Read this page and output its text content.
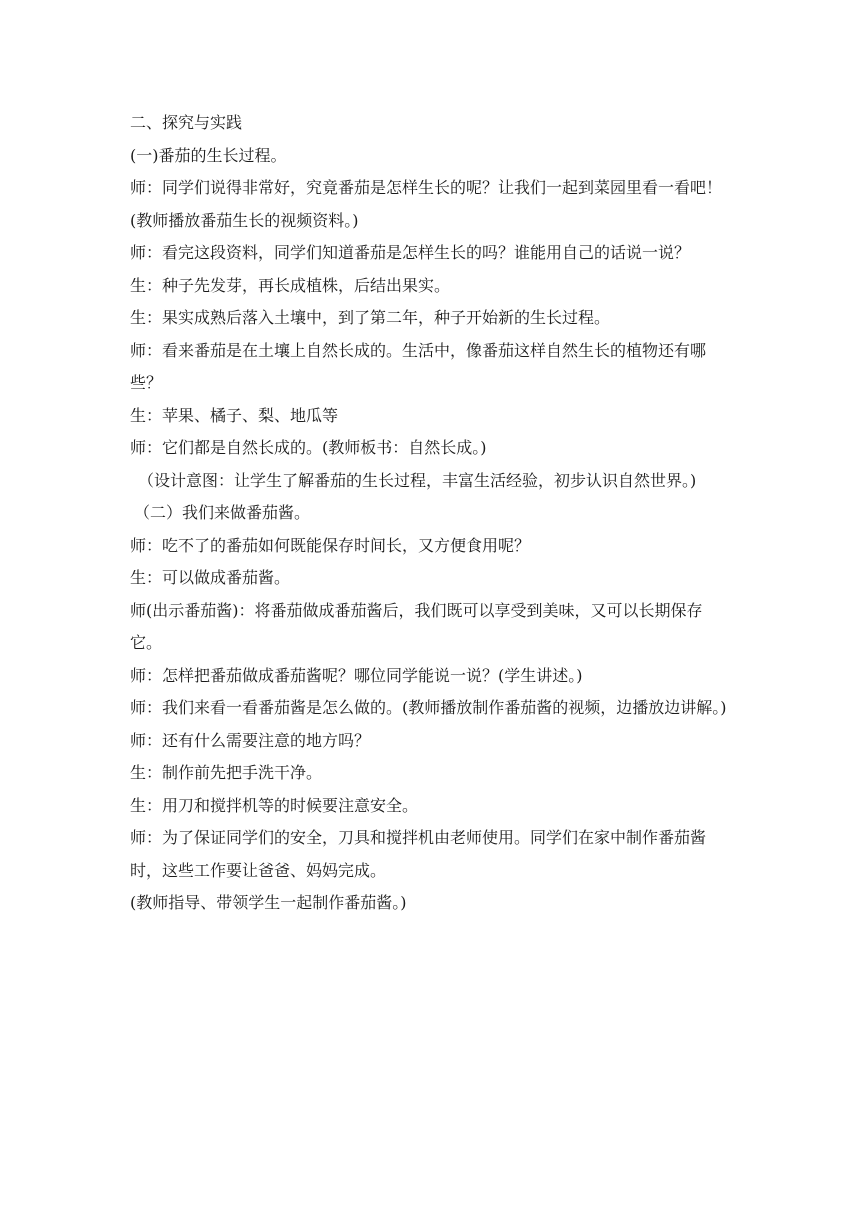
二、探究与实践

(一)番茄的生长过程。

师：同学们说得非常好，究竟番茄是怎样生长的呢？让我们一起到菜园里看一看吧！

(教师播放番茄生长的视频资料。)

师：看完这段资料，同学们知道番茄是怎样生长的吗？谁能用自己的话说一说？

生：种子先发芽，再长成植株，后结出果实。

生：果实成熟后落入土壤中，到了第二年，种子开始新的生长过程。

师：看来番茄是在土壤上自然长成的。生活中，像番茄这样自然生长的植物还有哪些？

生：苹果、橘子、梨、地瓜等

师：它们都是自然长成的。(教师板书：自然长成。)

（设计意图：让学生了解番茄的生长过程，丰富生活经验，初步认识自然世界。)

（二）我们来做番茄酱。

师：吃不了的番茄如何既能保存时间长，又方便食用呢？

生：可以做成番茄酱。

师(出示番茄酱)：将番茄做成番茄酱后，我们既可以享受到美味，又可以长期保存它。

师：怎样把番茄做成番茄酱呢？哪位同学能说一说？(学生讲述。)

师：我们来看一看番茄酱是怎么做的。(教师播放制作番茄酱的视频，边播放边讲解。)

师：还有什么需要注意的地方吗？

生：制作前先把手洗干净。

生：用刀和搅拌机等的时候要注意安全。

师：为了保证同学们的安全，刀具和搅拌机由老师使用。同学们在家中制作番茄酱时，这些工作要让爸爸、妈妈完成。

(教师指导、带领学生一起制作番茄酱。)
